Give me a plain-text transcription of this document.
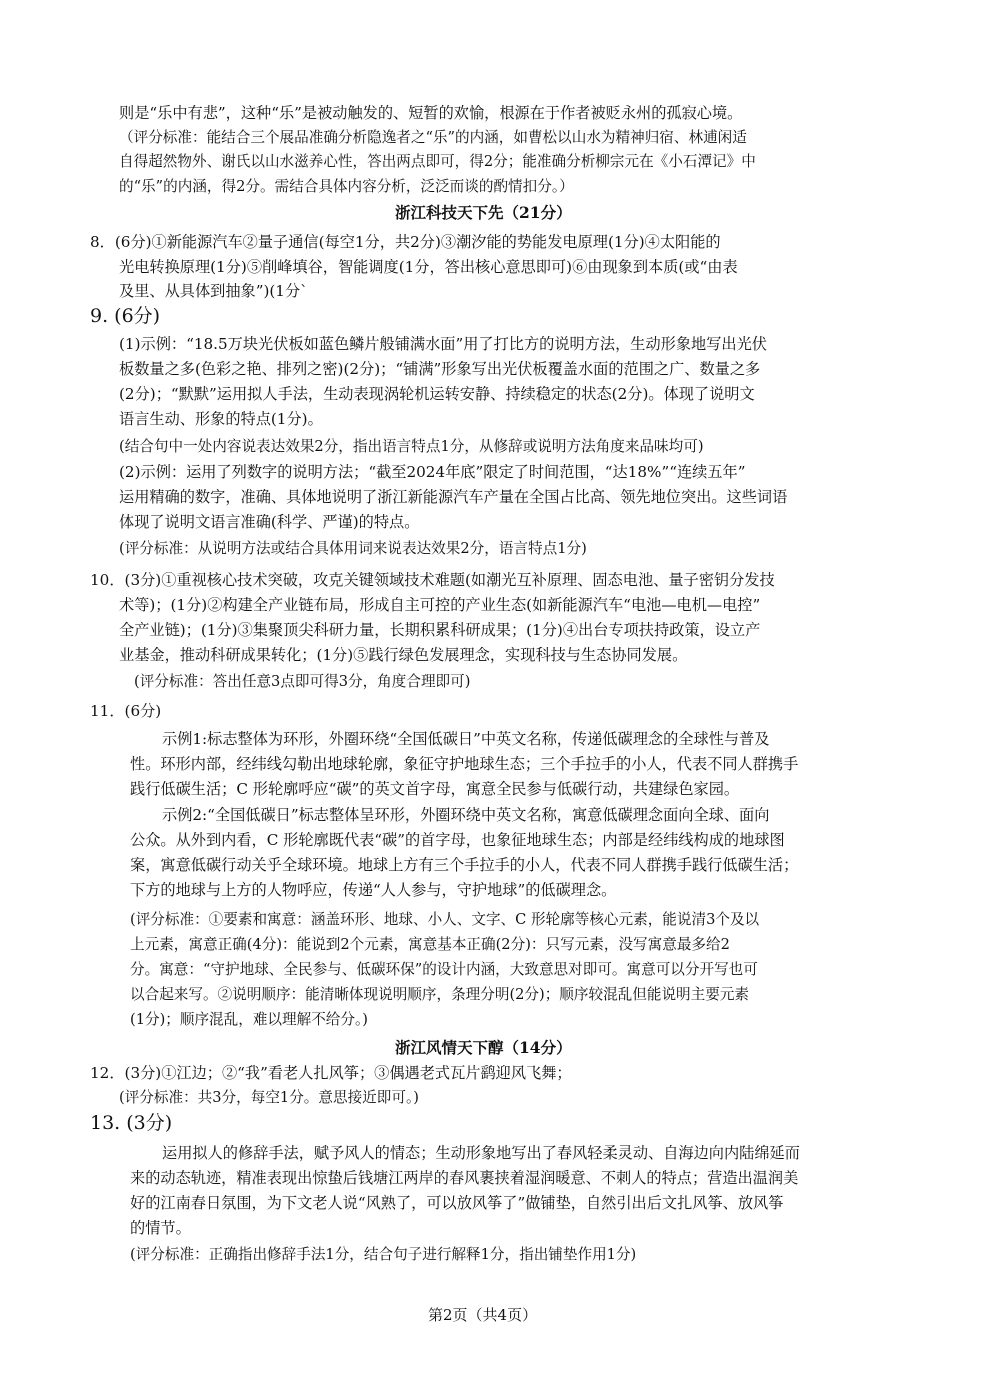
则是“乐中有悲”，这种“乐”是被动触发的、短暂的欢愉，根源在于作者被贬永州的孤寂心境。
（评分标准：能结合三个展品准确分析隐逸者之“乐”的内涵，如曹松以山水为精神归宿、林逋闲适
自得超然物外、谢氏以山水滋养心性，答出两点即可，得2分；能准确分析柳宗元在《小石潭记》中
的“乐”的内涵，得2分。需结合具体内容分析，泛泛而谈的酌情扣分。）
浙江科技天下先（21分）
8．(6分)①新能源汽车②量子通信(每空1分，共2分)③潮汐能的势能发电原理(1分)④太阳能的
光电转换原理(1分)⑤削峰填谷，智能调度(1分，答出核心意思即可)⑥由现象到本质(或“由表
及里、从具体到抽象”)(1分`
9. (6分)
(1)示例：“18.5万块光伏板如蓝色鳞片般铺满水面”用了打比方的说明方法，生动形象地写出光伏
板数量之多(色彩之艳、排列之密)(2分)；“铺满”形象写出光伏板覆盖水面的范围之广、数量之多
(2分)；“默默”运用拟人手法，生动表现涡轮机运转安静、持续稳定的状态(2分)。体现了说明文
语言生动、形象的特点(1分)。
(结合句中一处内容说表达效果2分，指出语言特点1分，从修辞或说明方法角度来品味均可)
(2)示例：运用了列数字的说明方法；“截至2024年底”限定了时间范围，“达18%”“连续五年”
运用精确的数字，准确、具体地说明了浙江新能源汽车产量在全国占比高、领先地位突出。这些词语
体现了说明文语言准确(科学、严谨)的特点。
(评分标准：从说明方法或结合具体用词来说表达效果2分，语言特点1分)
10．(3分)①重视核心技术突破，攻克关键领域技术难题(如潮光互补原理、固态电池、量子密钥分发技
术等)；(1分)②构建全产业链布局，形成自主可控的产业生态(如新能源汽车“电池—电机—电控”
全产业链)；(1分)③集聚顶尖科研力量，长期积累科研成果；(1分)④出台专项扶持政策，设立产
业基金，推动科研成果转化；(1分)⑤践行绿色发展理念，实现科技与生态协同发展。
(评分标准：答出任意3点即可得3分，角度合理即可)
11．(6分)
示例1:标志整体为环形，外圈环绕“全国低碳日”中英文名称，传递低碳理念的全球性与普及
性。环形内部，经纬线勾勒出地球轮廓，象征守护地球生态；三个手拉手的小人，代表不同人群携手
践行低碳生活；C 形轮廓呼应“碳”的英文首字母，寓意全民参与低碳行动，共建绿色家园。
示例2:“全国低碳日”标志整体呈环形，外圈环绕中英文名称，寓意低碳理念面向全球、面向
公众。从外到内看，C 形轮廓既代表“碳”的首字母，也象征地球生态；内部是经纬线构成的地球图
案，寓意低碳行动关乎全球环境。地球上方有三个手拉手的小人，代表不同人群携手践行低碳生活；
下方的地球与上方的人物呼应，传递“人人参与，守护地球”的低碳理念。
(评分标准：①要素和寓意：涵盖环形、地球、小人、文字、C 形轮廓等核心元素，能说清3个及以
上元素，寓意正确(4分)：能说到2个元素，寓意基本正确(2分)：只写元素，没写寓意最多给2
分。寓意：“守护地球、全民参与、低碳环保”的设计内涵，大致意思对即可。寓意可以分开写也可
以合起来写。②说明顺序：能清晰体现说明顺序，条理分明(2分)；顺序较混乱但能说明主要元素
(1分)；顺序混乱，难以理解不给分。)
浙江风情天下醇（14分）
12．(3分)①江边；②“我”看老人扎风筝；③偶遇老式瓦片鹞迎风飞舞；
(评分标准：共3分，每空1分。意思接近即可。)
13. (3分)
运用拟人的修辞手法，赋予风人的情态；生动形象地写出了春风轻柔灵动、自海边向内陆绵延而
来的动态轨迹，精准表现出惊蛰后钱塘江两岸的春风裹挟着湿润暖意、不刺人的特点；营造出温润美
好的江南春日氛围，为下文老人说“风熟了，可以放风筝了”做铺垫，自然引出后文扎风筝、放风筝
的情节。
(评分标准：正确指出修辞手法1分，结合句子进行解释1分，指出铺垫作用1分)
第2页（共4页）
